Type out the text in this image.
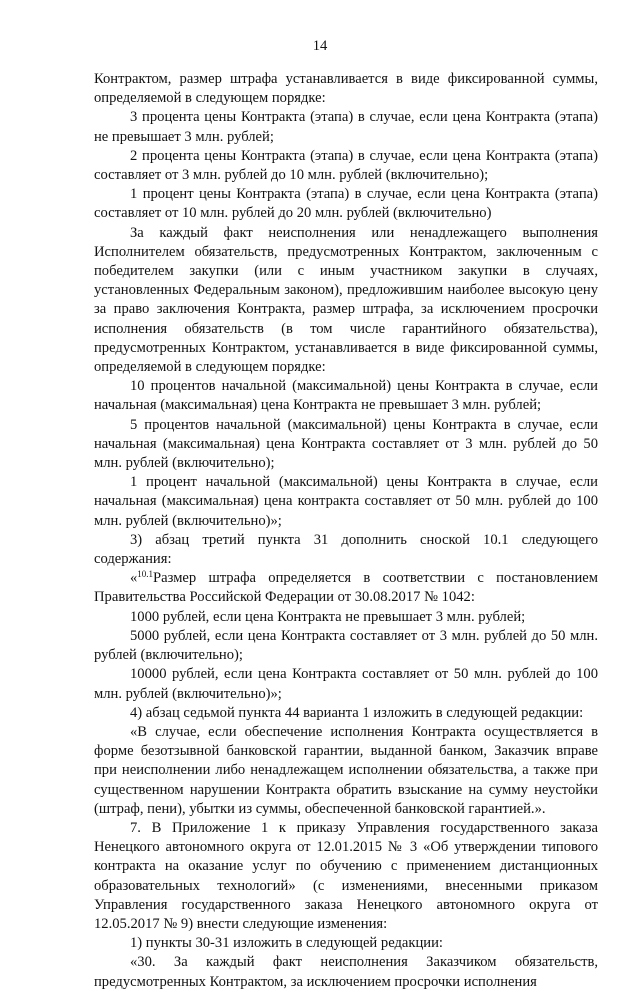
14

Контрактом, размер штрафа устанавливается в виде фиксированной суммы, определяемой в следующем порядке:

3 процента цены Контракта (этапа) в случае, если цена Контракта (этапа) не превышает 3 млн. рублей;

2 процента цены Контракта (этапа) в случае, если цена Контракта (этапа) составляет от 3 млн. рублей до 10 млн. рублей (включительно);

1 процент цены Контракта (этапа) в случае, если цена Контракта (этапа) составляет от 10 млн. рублей до 20 млн. рублей (включительно)

За каждый факт неисполнения или ненадлежащего выполнения Исполнителем обязательств, предусмотренных Контрактом, заключенным с победителем закупки (или с иным участником закупки в случаях, установленных Федеральным законом), предложившим наиболее высокую цену за право заключения Контракта, размер штрафа, за исключением просрочки исполнения обязательств (в том числе гарантийного обязательства), предусмотренных Контрактом, устанавливается в виде фиксированной суммы, определяемой в следующем порядке:

10 процентов начальной (максимальной) цены Контракта в случае, если начальная (максимальная) цена Контракта не превышает 3 млн. рублей;

5 процентов начальной (максимальной) цены Контракта в случае, если начальная (максимальная) цена Контракта составляет от 3 млн. рублей до 50 млн. рублей (включительно);

1 процент начальной (максимальной) цены Контракта в случае, если начальная (максимальная) цена контракта составляет от 50 млн. рублей до 100 млн. рублей (включительно)»;

3) абзац третий пункта 31 дополнить сноской 10.1 следующего содержания:

«$^{10.1}$Размер штрафа определяется в соответствии с постановлением Правительства Российской Федерации от 30.08.2017 № 1042:

1000 рублей, если цена Контракта не превышает 3 млн. рублей;

5000 рублей, если цена Контракта составляет от 3 млн. рублей до 50 млн. рублей (включительно);

10000 рублей, если цена Контракта составляет от 50 млн. рублей до 100 млн. рублей (включительно)»;

4) абзац седьмой пункта 44 варианта 1 изложить в следующей редакции:

«В случае, если обеспечение исполнения Контракта осуществляется в форме безотзывной банковской гарантии, выданной банком, Заказчик вправе при неисполнении либо ненадлежащем исполнении обязательства, а также при существенном нарушении Контракта обратить взыскание на сумму неустойки (штраф, пени), убытки из суммы, обеспеченной банковской гарантией.».

7. В Приложение 1 к приказу Управления государственного заказа Ненецкого автономного округа от 12.01.2015 № 3 «Об утверждении типового контракта на оказание услуг по обучению с применением дистанционных образовательных технологий» (с изменениями, внесенными приказом Управления государственного заказа Ненецкого автономного округа от 12.05.2017 № 9) внести следующие изменения:

1) пункты 30-31 изложить в следующей редакции:

«30. За каждый факт неисполнения Заказчиком обязательств, предусмотренных Контрактом, за исключением просрочки исполнения
